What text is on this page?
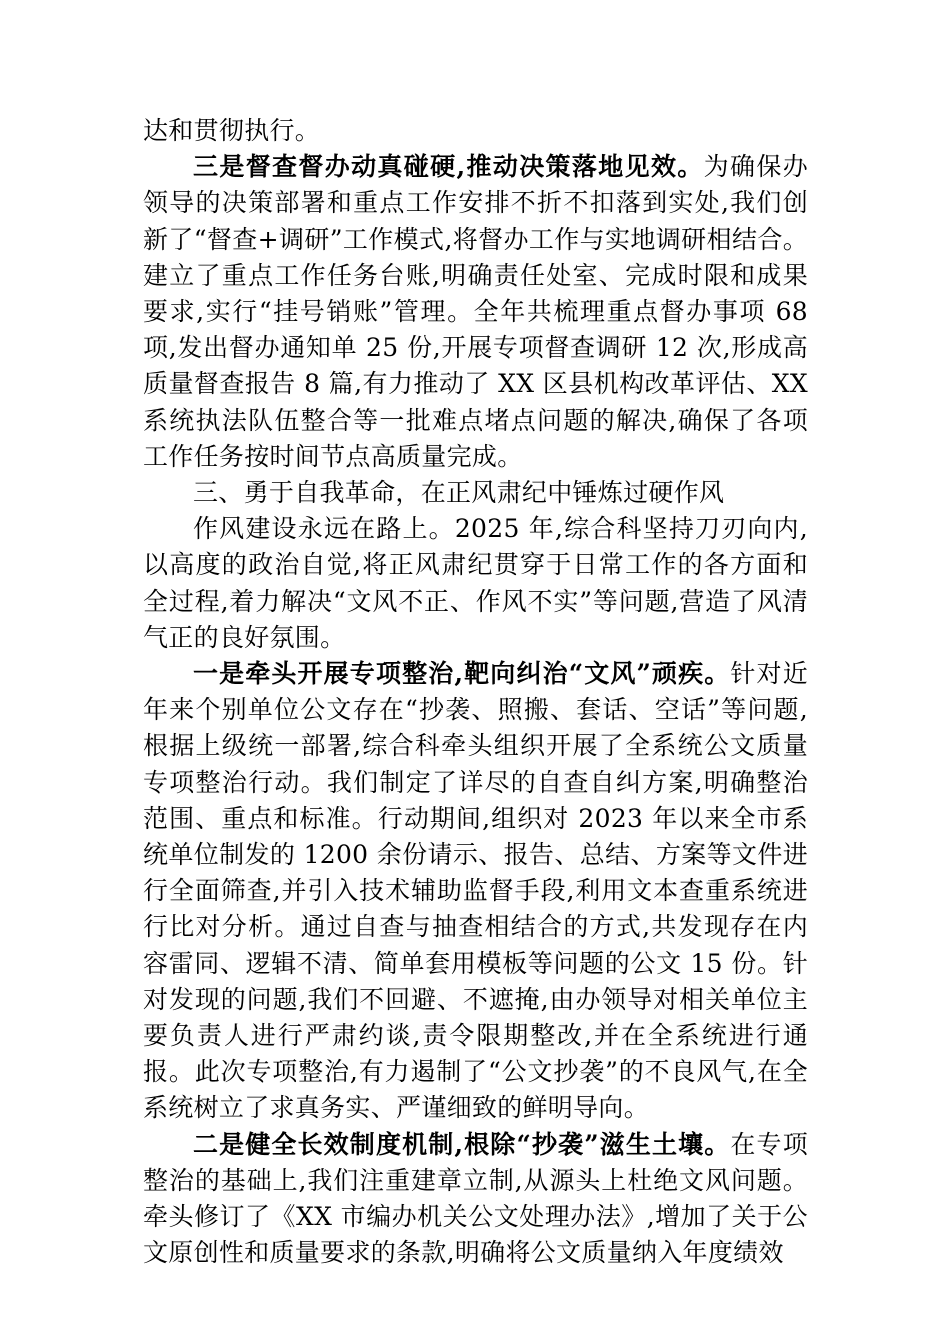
达和贯彻执行。

三是督查督办动真碰硬,推动决策落地见效。为确保办领导的决策部署和重点工作安排不折不扣落到实处,我们创新了“督查+调研”工作模式,将督办工作与实地调研相结合。建立了重点工作任务台账,明确责任处室、完成时限和成果要求,实行“挂号销账”管理。全年共梳理重点督办事项 68 项,发出督办通知单 25 份,开展专项督查调研 12 次,形成高质量督查报告 8 篇,有力推动了 XX 区县机构改革评估、XX 系统执法队伍整合等一批难点堵点问题的解决,确保了各项工作任务按时间节点高质量完成。

三、勇于自我革命，在正风肃纪中锤炼过硬作风

作风建设永远在路上。2025 年,综合科坚持刀刃向内,以高度的政治自觉,将正风肃纪贯穿于日常工作的各方面和全过程,着力解决“文风不正、作风不实”等问题,营造了风清气正的良好氛围。

一是牵头开展专项整治,靶向纠治“文风”顽疾。针对近年来个别单位公文存在“抄袭、照搬、套话、空话”等问题,根据上级统一部署,综合科牵头组织开展了全系统公文质量专项整治行动。我们制定了详尽的自查自纠方案,明确整治范围、重点和标准。行动期间,组织对 2023 年以来全市系统单位制发的 1200 余份请示、报告、总结、方案等文件进行全面筛查,并引入技术辅助监督手段,利用文本查重系统进行比对分析。通过自查与抽查相结合的方式,共发现存在内容雷同、逻辑不清、简单套用模板等问题的公文 15 份。针对发现的问题,我们不回避、不遮掩,由办领导对相关单位主要负责人进行严肃约谈,责令限期整改,并在全系统进行通报。此次专项整治,有力遏制了“公文抄袭”的不良风气,在全系统树立了求真务实、严谨细致的鲜明导向。

二是健全长效制度机制,根除“抄袭”滋生土壤。在专项整治的基础上,我们注重建章立制,从源头上杜绝文风问题。牵头修订了《XX 市编办机关公文处理办法》,增加了关于公文原创性和质量要求的条款,明确将公文质量纳入年度绩效
